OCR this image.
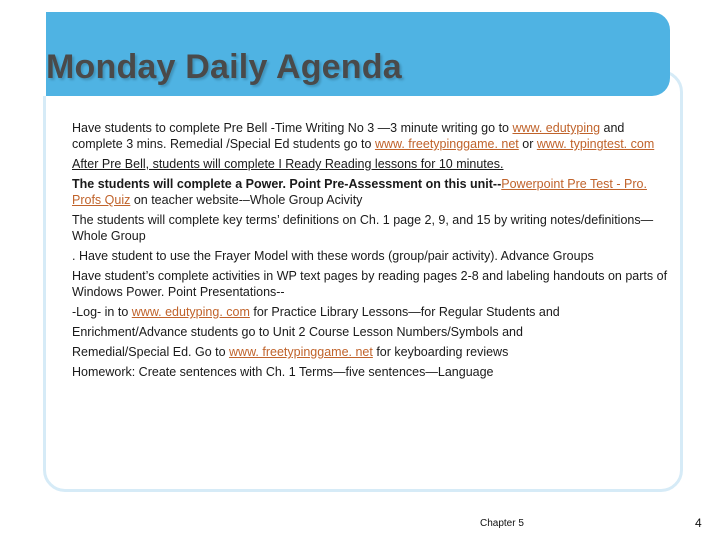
Monday Daily Agenda
Have students to complete Pre Bell -Time Writing No 3 —3 minute writing go to www. edutyping and complete 3 mins. Remedial /Special Ed students go to www. freetypinggame. net or www. typingtest. com
After Pre Bell, students will complete I Ready Reading lessons for 10 minutes.
The students will complete a Power. Point Pre-Assessment on this unit--Powerpoint Pre Test - Pro. Profs Quiz on teacher website-–Whole Group Acivity
The students will complete key terms’ definitions on Ch. 1 page 2, 9, and 15 by writing notes/definitions—Whole Group
. Have student to use the Frayer Model with these words (group/pair activity). Advance Groups
Have student’s complete activities in WP text pages by reading pages 2-8 and labeling handouts on parts of Windows Power. Point Presentations--
-Log- in to www. edutyping. com for Practice Library Lessons—for Regular Students and
Enrichment/Advance students go to Unit 2 Course Lesson Numbers/Symbols and
Remedial/Special Ed. Go to www. freetypinggame. net for keyboarding reviews
Homework: Create sentences with Ch. 1 Terms—five sentences—Language
Chapter 5	4
